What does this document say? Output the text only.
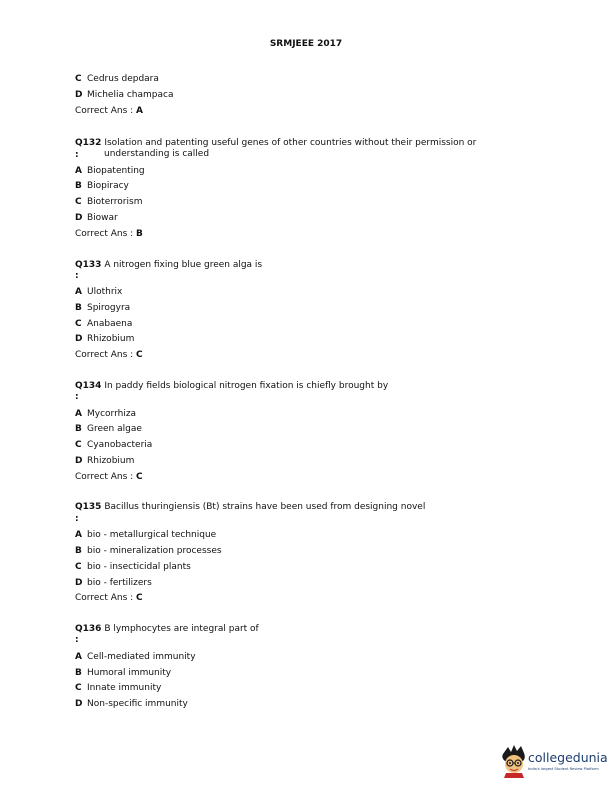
SRMJEEE 2017
C Cedrus depdara
D Michelia champaca
Correct Ans : A
Q132 Isolation and patenting useful genes of other countries without their permission or
:	understanding is called
A Biopatenting
B Biopiracy
C Bioterrorism
D Biowar
Correct Ans : B
Q133 A nitrogen fixing blue green alga is
:
A Ulothrix
B Spirogyra
C Anabaena
D Rhizobium
Correct Ans : C
Q134 In paddy fields biological nitrogen fixation is chiefly brought by
:
A Mycorrhiza
B Green algae
C Cyanobacteria
D Rhizobium
Correct Ans : C
Q135 Bacillus thuringiensis (Bt) strains have been used from designing novel
:
A bio - metallurgical technique
B bio - mineralization processes
C bio - insecticidal plants
D bio - fertilizers
Correct Ans : C
Q136 B lymphocytes are integral part of
:
A Cell-mediated immunity
B Humoral immunity
C Innate immunity
D Non-specific immunity
collegedunia
India's largest Student Review Platform
